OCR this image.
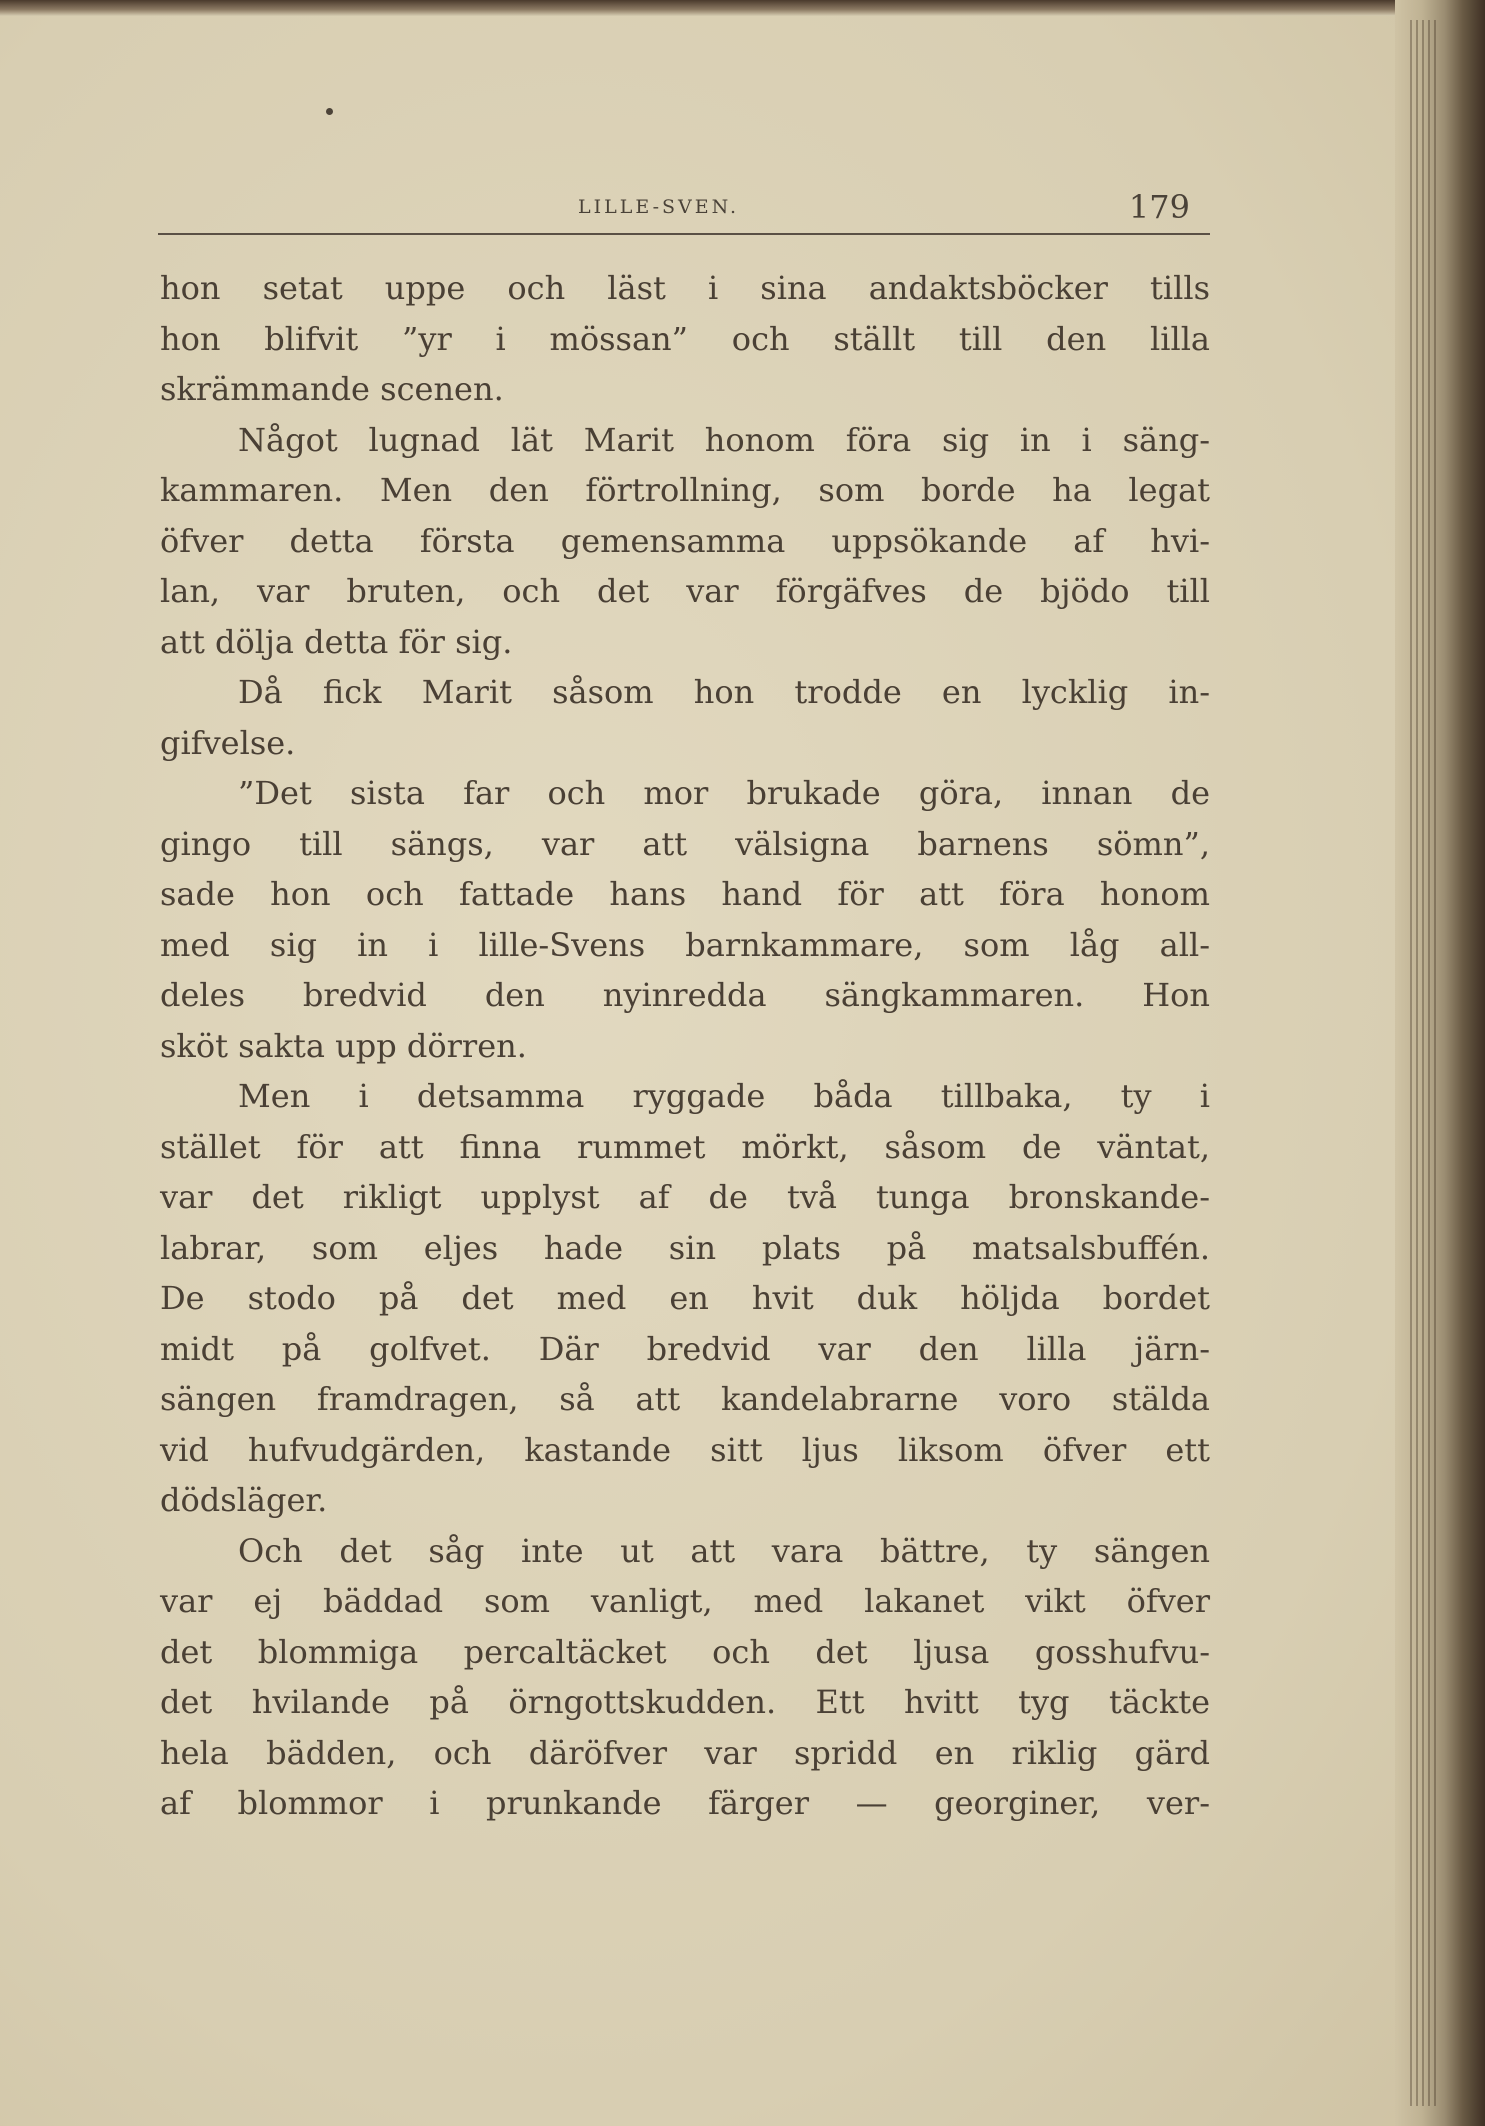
LILLE-SVEN.	179
hon setat uppe och läst i sina andaktsböcker tills
hon blifvit ”yr i mössan” och ställt till den lilla
skrämmande scenen.
Något lugnad lät Marit honom föra sig in i säng-
kammaren. Men den förtrollning, som borde ha legat
öfver detta första gemensamma uppsökande af hvi-
lan, var bruten, och det var förgäfves de bjödo till
att dölja detta för sig.
Då fick Marit såsom hon trodde en lycklig in-
gifvelse.
”Det sista far och mor brukade göra, innan de
gingo till sängs, var att välsigna barnens sömn”,
sade hon och fattade hans hand för att föra honom
med sig in i lille-Svens barnkammare, som låg all-
deles bredvid den nyinredda sängkammaren. Hon
sköt sakta upp dörren.
Men i detsamma ryggade båda tillbaka, ty i
stället för att finna rummet mörkt, såsom de väntat,
var det rikligt upplyst af de två tunga bronskande-
labrar, som eljes hade sin plats på matsalsbuffén.
De stodo på det med en hvit duk höljda bordet
midt på golfvet. Där bredvid var den lilla järn-
sängen framdragen, så att kandelabrarne voro stälda
vid hufvudgärden, kastande sitt ljus liksom öfver ett
dödsläger.
Och det såg inte ut att vara bättre, ty sängen
var ej bäddad som vanligt, med lakanet vikt öfver
det blommiga percaltäcket och det ljusa gosshufvu-
det hvilande på örngottskudden. Ett hvitt tyg täckte
hela bädden, och däröfver var spridd en riklig gärd
af blommor i prunkande färger — georginer, ver-
